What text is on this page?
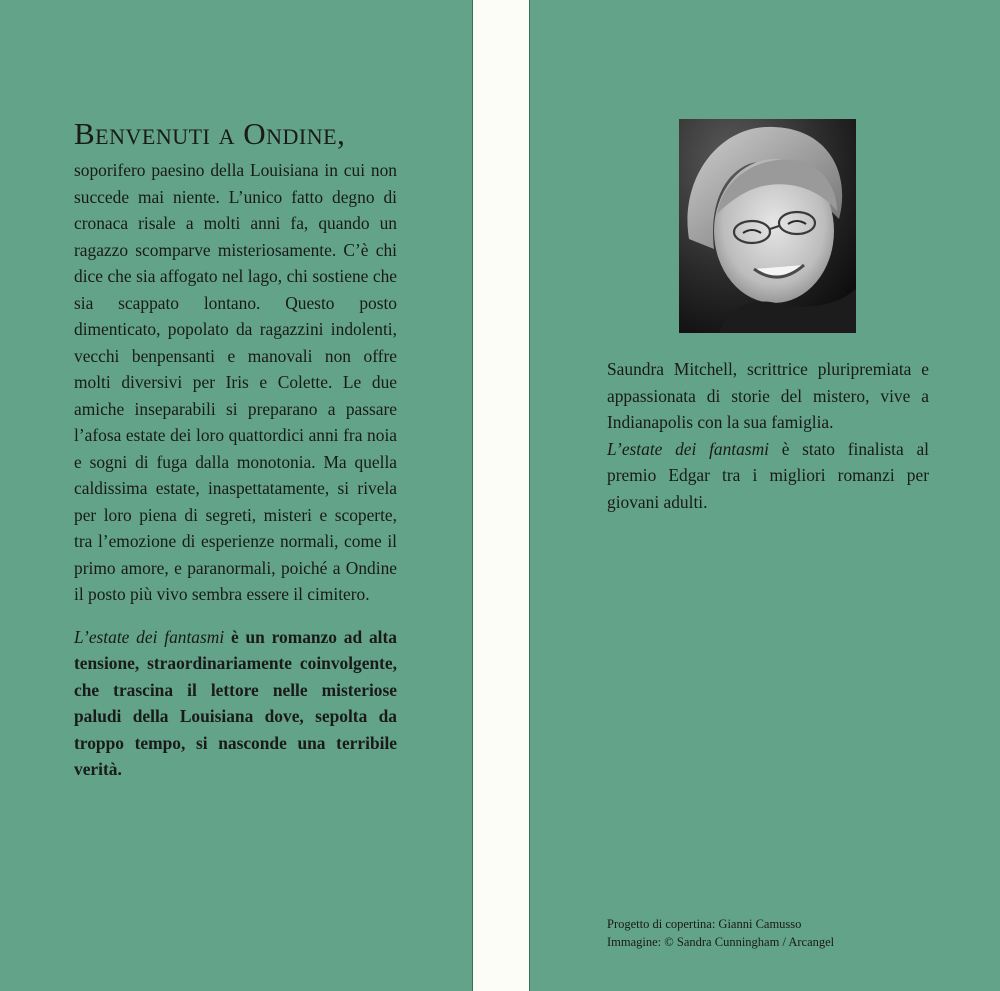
Benvenuti a Ondine,

soporifero paesino della Louisiana in cui non succede mai niente. L’unico fatto degno di cronaca risale a molti anni fa, quando un ragazzo scomparve misteriosamente. C’è chi dice che sia affogato nel lago, chi sostiene che sia scappato lontano. Questo posto dimenticato, popolato da ragazzini indolenti, vecchi benpensanti e manovali non offre molti diversivi per Iris e Colette. Le due amiche inseparabili si preparano a passare l’afosa estate dei loro quattordici anni fra noia e sogni di fuga dalla monotonia. Ma quella caldissima estate, inaspettatamente, si rivela per loro piena di segreti, misteri e scoperte, tra l’emozione di esperienze normali, come il primo amore, e paranormali, poiché a Ondine il posto più vivo sembra essere il cimitero.

L’estate dei fantasmi è un romanzo ad alta tensione, straordinariamente coinvolgente, che trascina il lettore nelle misteriose paludi della Louisiana dove, sepolta da troppo tempo, si nasconde una terribile verità.

Saundra Mitchell, scrittrice pluripremiata e appassionata di storie del mistero, vive a Indianapolis con la sua famiglia.
L’estate dei fantasmi è stato finalista al premio Edgar tra i migliori romanzi per giovani adulti.
Progetto di copertina: Gianni Camusso
Immagine: © Sandra Cunningham / Arcangel
